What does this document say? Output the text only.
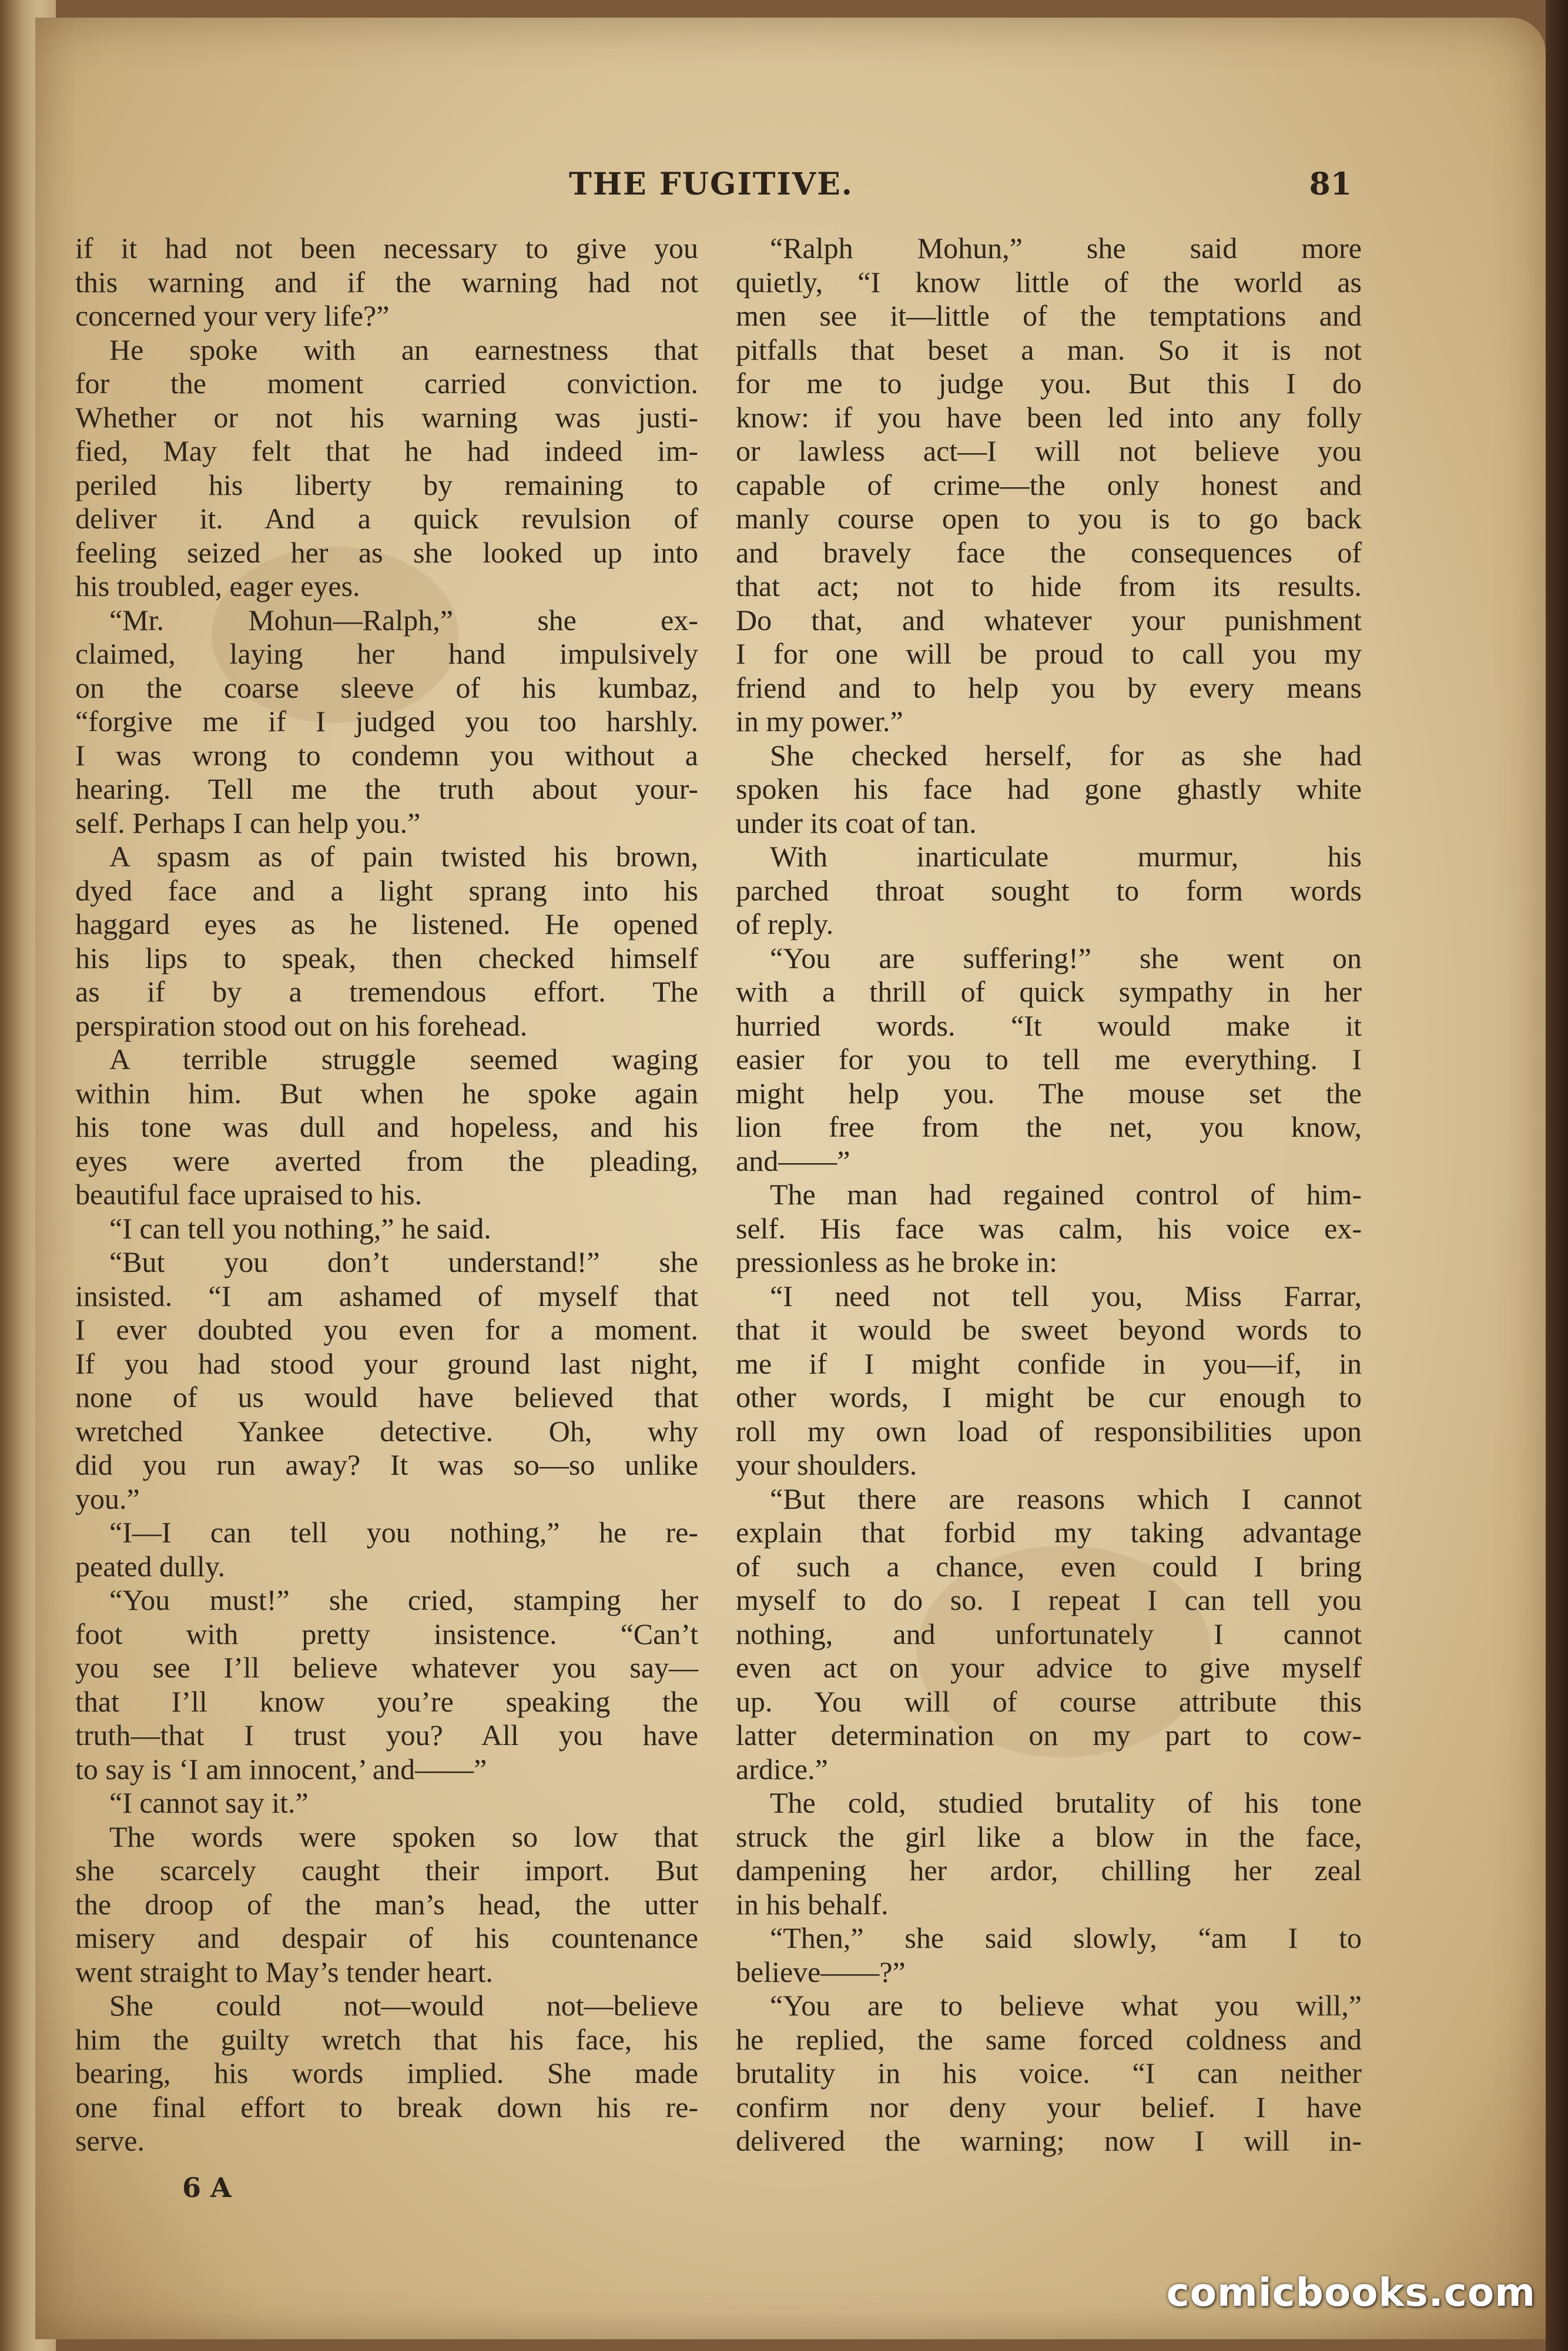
THE FUGITIVE.	81
if it had not been necessary to give you
this warning and if the warning had not
concerned your very life?”
He spoke with an earnestness that
for the moment carried conviction.
Whether or not his warning was justi-
fied, May felt that he had indeed im-
periled his liberty by remaining to
deliver it. And a quick revulsion of
feeling seized her as she looked up into
his troubled, eager eyes.
“Mr. Mohun—Ralph,” she ex-
claimed, laying her hand impulsively
on the coarse sleeve of his kumbaz,
“forgive me if I judged you too harshly.
I was wrong to condemn you without a
hearing. Tell me the truth about your-
self. Perhaps I can help you.”
A spasm as of pain twisted his brown,
dyed face and a light sprang into his
haggard eyes as he listened. He opened
his lips to speak, then checked himself
as if by a tremendous effort. The
perspiration stood out on his forehead.
A terrible struggle seemed waging
within him. But when he spoke again
his tone was dull and hopeless, and his
eyes were averted from the pleading,
beautiful face upraised to his.
“I can tell you nothing,” he said.
“But you don’t understand!” she
insisted. “I am ashamed of myself that
I ever doubted you even for a moment.
If you had stood your ground last night,
none of us would have believed that
wretched Yankee detective. Oh, why
did you run away? It was so—so unlike
you.”
“I—I can tell you nothing,” he re-
peated dully.
“You must!” she cried, stamping her
foot with pretty insistence. “Can’t
you see I’ll believe whatever you say—
that I’ll know you’re speaking the
truth—that I trust you? All you have
to say is ‘I am innocent,’ and——”
“I cannot say it.”
The words were spoken so low that
she scarcely caught their import. But
the droop of the man’s head, the utter
misery and despair of his countenance
went straight to May’s tender heart.
She could not—would not—believe
him the guilty wretch that his face, his
bearing, his words implied. She made
one final effort to break down his re-
serve.
“Ralph Mohun,” she said more
quietly, “I know little of the world as
men see it—little of the temptations and
pitfalls that beset a man. So it is not
for me to judge you. But this I do
know: if you have been led into any folly
or lawless act—I will not believe you
capable of crime—the only honest and
manly course open to you is to go back
and bravely face the consequences of
that act; not to hide from its results.
Do that, and whatever your punishment
I for one will be proud to call you my
friend and to help you by every means
in my power.”
She checked herself, for as she had
spoken his face had gone ghastly white
under its coat of tan.
With inarticulate murmur, his
parched throat sought to form words
of reply.
“You are suffering!” she went on
with a thrill of quick sympathy in her
hurried words. “It would make it
easier for you to tell me everything. I
might help you. The mouse set the
lion free from the net, you know,
and——”
The man had regained control of him-
self. His face was calm, his voice ex-
pressionless as he broke in:
“I need not tell you, Miss Farrar,
that it would be sweet beyond words to
me if I might confide in you—if, in
other words, I might be cur enough to
roll my own load of responsibilities upon
your shoulders.
“But there are reasons which I cannot
explain that forbid my taking advantage
of such a chance, even could I bring
myself to do so. I repeat I can tell you
nothing, and unfortunately I cannot
even act on your advice to give myself
up. You will of course attribute this
latter determination on my part to cow-
ardice.”
The cold, studied brutality of his tone
struck the girl like a blow in the face,
dampening her ardor, chilling her zeal
in his behalf.
“Then,” she said slowly, “am I to
believe——?”
“You are to believe what you will,”
he replied, the same forced coldness and
brutality in his voice. “I can neither
confirm nor deny your belief. I have
delivered the warning; now I will in-
6 A
comicbooks.com
